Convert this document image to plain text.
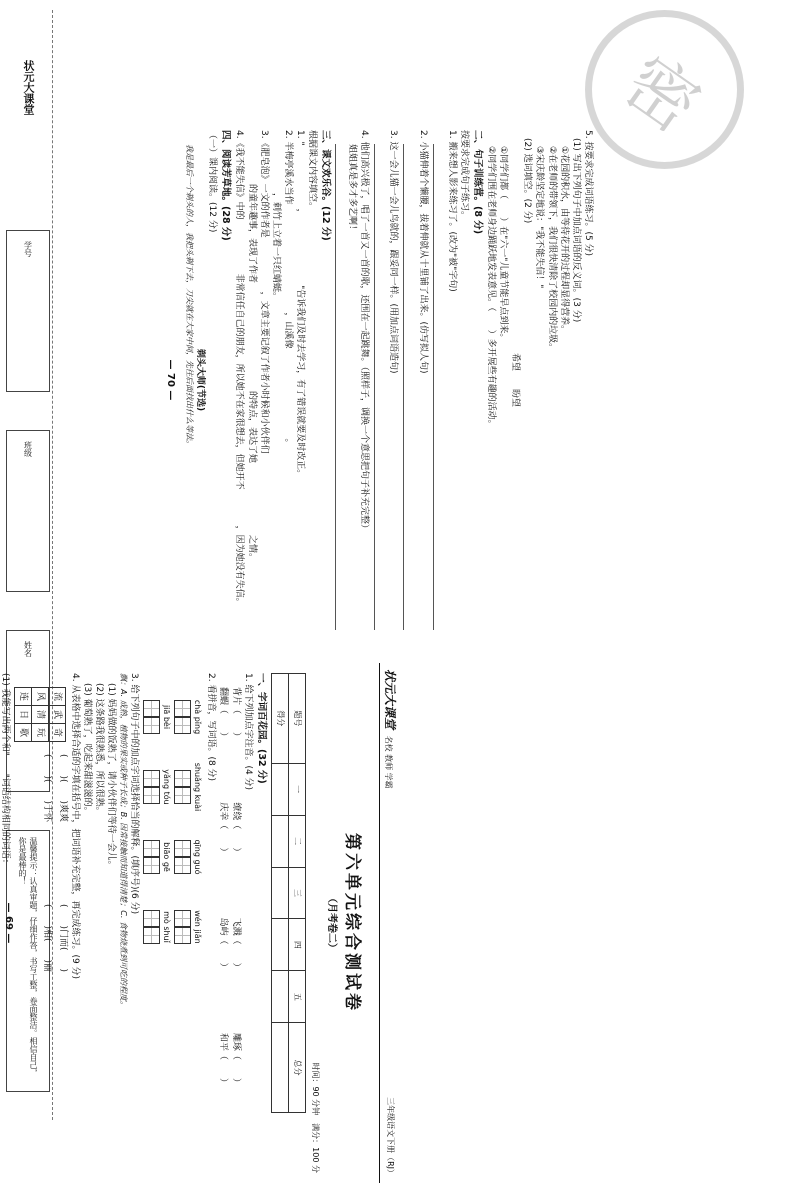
温馨提示：认真审题，仔细作答，书写工整，卷面整洁。相信自己，你是最棒的！
姓名
班级
学号
状元大课堂	密
状元大课堂 名校 教师 学霸
三年级语文下册（RJ）
第六单元综合测试卷
（月考卷二）
时间：90 分钟　满分：100 分
题号	一	二	三	四	五	总分
得分						
一、字词百花园。(32 分)
1. 给下列加点字注音。(4 分)
背片（　　）
翻蝦（　　）
缭绕（　　）
庆幸（　　）
飞溅（　　）
岛屿（　　）
雕琢（　　）
和平（　　）
2. 看拼音，写词语。(8 分)
chà pǐng
shuǎng kuài
qīng guó
wén jiǎn
jiā bèi
yǎng tóu
biāo gē
mò shuǐ
3. 给下列句子中的加点字词选择恰当的解释。(填序号)(6 分)
飘：A. 成熟，植物的果实或种子长成；B. 因常接触而知道得清楚；C. 食物烧煮到可吃的程度。
(1) 妈妈做的饭熟了，请小伙伴们等待一会儿。
(2) 这条路我很熟悉，所以很熟。
(3) 葡萄熟了，吃起来甜滋滋的。
4. 从表格中选择合适的字填在括号中，把词语补充完整，再完成练习。(9 分)
流	武	奇
风	清	玩
连	日	歌
(　　)(　　)爽爽
(　　)门而(　　)
(　　)(　　)于怀
(　　)相(　　)丽
(1) 我能写出两个和"　　"词语结构相同的词语：
— 69 —
5. 按要求完成词语练习。(5 分)
(1) 写出下列句子中加点词语的反义词。(3 分)
①花园的积水，由等待花开的过程却显得营养。
②在老师的带领下，我们很快清除了校园内的垃圾。
③宋庆龄坚定地说："我不能失信！"
(2) 选词填空。(2 分)
希望　　盼望
①同学们都（　　）在"六一"儿童节能早点到来。
②同学们围在老师身边踊跃地发表意见。（　　）多开展些有趣的活动。
二、句子训练营。(8 分)
按要求完成句子练习。
1. 搬来想人影来练习了。(改为"被"字句)
2. 小猫伸着个懒腰，拔着伸就从十里铺了出来。(仿写拟人句)
3. 这一会儿猫一会儿鸟就的，跟妥同一样。(用加点词语造句)
4. 他们高兴极了，唱了一首又一首的歌，还围在一起跳舞。（照样子，调换一个意思把句子补充完整）
姐姐真是多才多艺啊！
三、课文欢乐谷。(12 分)
根据课文内容填空。
1. "　　　　　　　，　　　　　　　　"告诉我们及时去学习，有了错误就要及时改正。
2. 半梅亭溪水当作　　　　　　　　　　　　，山溪像　　　　　　　　　　。
　　　　　　　，刺竹上立着一只红蜻蜓。
3.《肥皂泡》一文的作者是　　　　　　，文章主要记叙了作者小时候和小伙伴们
　　　　　　的童年趣事，表现了作者　　　　　　　　　　　　的特点，表达了她　　　　　　　　之情。
4.《我不能失信》中的　　　　　　非常信任自己的朋友，所以她不在家很想去，但她开不　　　　，因为她没有失信。
四、阅读芳草地。(28 分)
（一）课内阅读。(12 分)
剃头大师(节选)
我是最后一个剃头的人，我把头剃下去，刀尖就在大家中间，先往后面找出什么等法。
— 70 —
